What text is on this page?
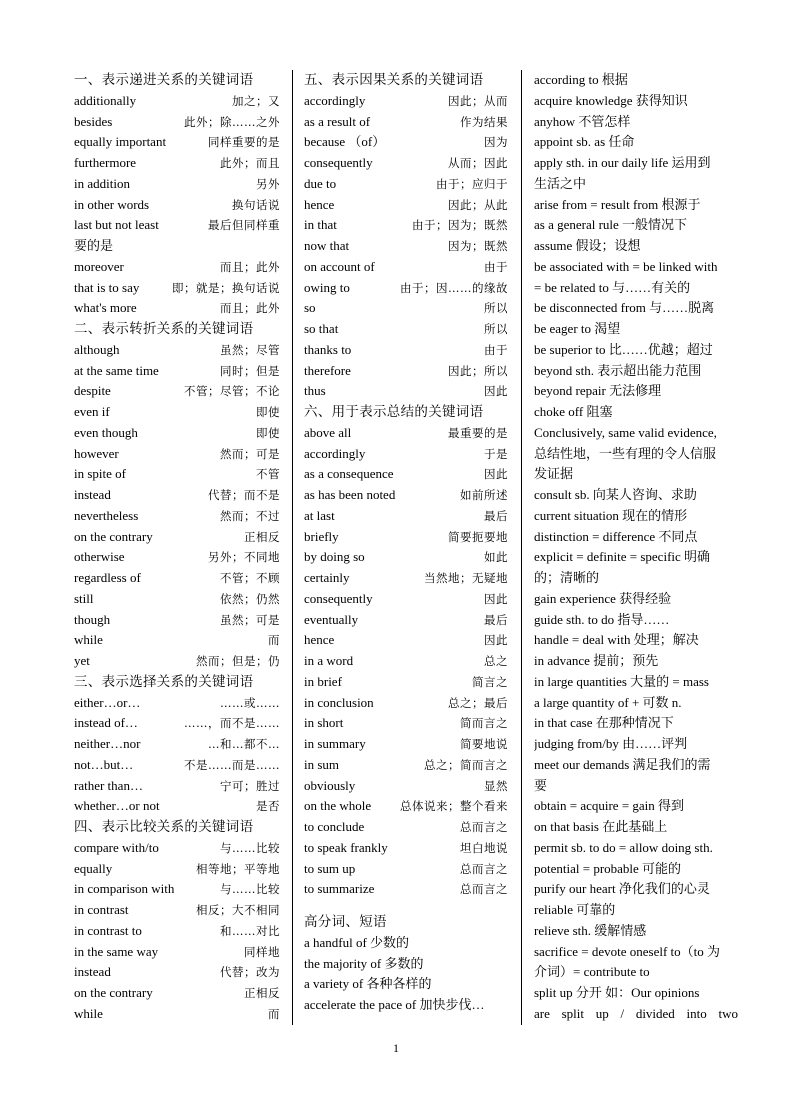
一、表示递进关系的关键词语
additionally	加之；又
besides	此外；除……之外
equally important	同样重要的是
furthermore	此外；而且
in addition	另外
in other words	换句话说
last but not least	最后但同样重
要的是
moreover	而且；此外
that is to say	即；就是；换句话说
what's more	而且；此外
二、表示转折关系的关键词语
although	虽然；尽管
at the same time	同时；但是
despite	不管；尽管；不论
even if	即使
even though	即使
however	然而；可是
in spite of	不管
instead	代替；而不是
nevertheless	然而；不过
on the contrary	正相反
otherwise	另外；不同地
regardless of	不管；不顾
still	依然；仍然
though	虽然；可是
while	而
yet	然而；但是；仍
三、表示选择关系的关键词语
either…or…	……或……
instead of…	……，而不是……
neither…nor	…和…都不…
not…but…	不是……而是……
rather than…	宁可；胜过
whether…or not	是否
四、表示比较关系的关键词语
compare with/to	与……比较
equally	相等地；平等地
in comparison with	与……比较
in contrast	相反；大不相同
in contrast to	和……对比
in the same way	同样地
instead	代替；改为
on the contrary	正相反
while	而
五、表示因果关系的关键词语
accordingly	因此；从而
as a result of	作为结果
because （of）	因为
consequently	从而；因此
due to	由于；应归于
hence	因此；从此
in that	由于；因为；既然
now that	因为；既然
on account of	由于
owing to	由于；因……的缘故
so	所以
so that	所以
thanks to	由于
therefore	因此；所以
thus	因此
六、用于表示总结的关键词语
above all	最重要的是
accordingly	于是
as a consequence	因此
as has been noted	如前所述
at last	最后
briefly	简要扼要地
by doing so	如此
certainly	当然地；无疑地
consequently	因此
eventually	最后
hence	因此
in a word	总之
in brief	简言之
in conclusion	总之；最后
in short	简而言之
in summary	简要地说
in sum	总之；简而言之
obviously	显然
on the whole	总体说来；整个看来
to conclude	总而言之
to speak frankly	坦白地说
to sum up	总而言之
to summarize	总而言之
高分词、短语
a handful of 少数的
the majority of 多数的
a variety of 各种各样的
accelerate the pace of 加快步伐…
according to 根据
acquire knowledge 获得知识
anyhow 不管怎样
appoint sb. as 任命
apply sth. in our daily life 运用到
生活之中
arise from = result from 根源于
as a general rule 一般情况下
assume 假设；设想
be associated with = be linked with
= be related to 与……有关的
be disconnected from 与……脱离
be eager to 渴望
be superior to 比……优越；超过
beyond sth. 表示超出能力范围
beyond repair 无法修理
choke off 阻塞
Conclusively, same valid evidence,
总结性地，一些有理的令人信服
发证据
consult sb. 向某人咨询、求助
current situation 现在的情形
distinction = difference 不同点
explicit = definite = specific 明确
的；清晰的
gain experience 获得经验
guide sth. to do 指导……
handle = deal with 处理；解决
in advance 提前；预先
in large quantities 大量的 = mass
a large quantity of + 可数 n.
in that case 在那种情况下
judging from/by 由……评判
meet our demands 满足我们的需
要
obtain = acquire = gain 得到
on that basis 在此基础上
permit sb. to do = allow doing sth.
potential = probable 可能的
purify our heart 净化我们的心灵
reliable 可靠的
relieve sth. 缓解情感
sacrifice = devote oneself to（to 为
介词）= contribute to
split up 分开 如：Our opinions
are split up / divided into two
1
